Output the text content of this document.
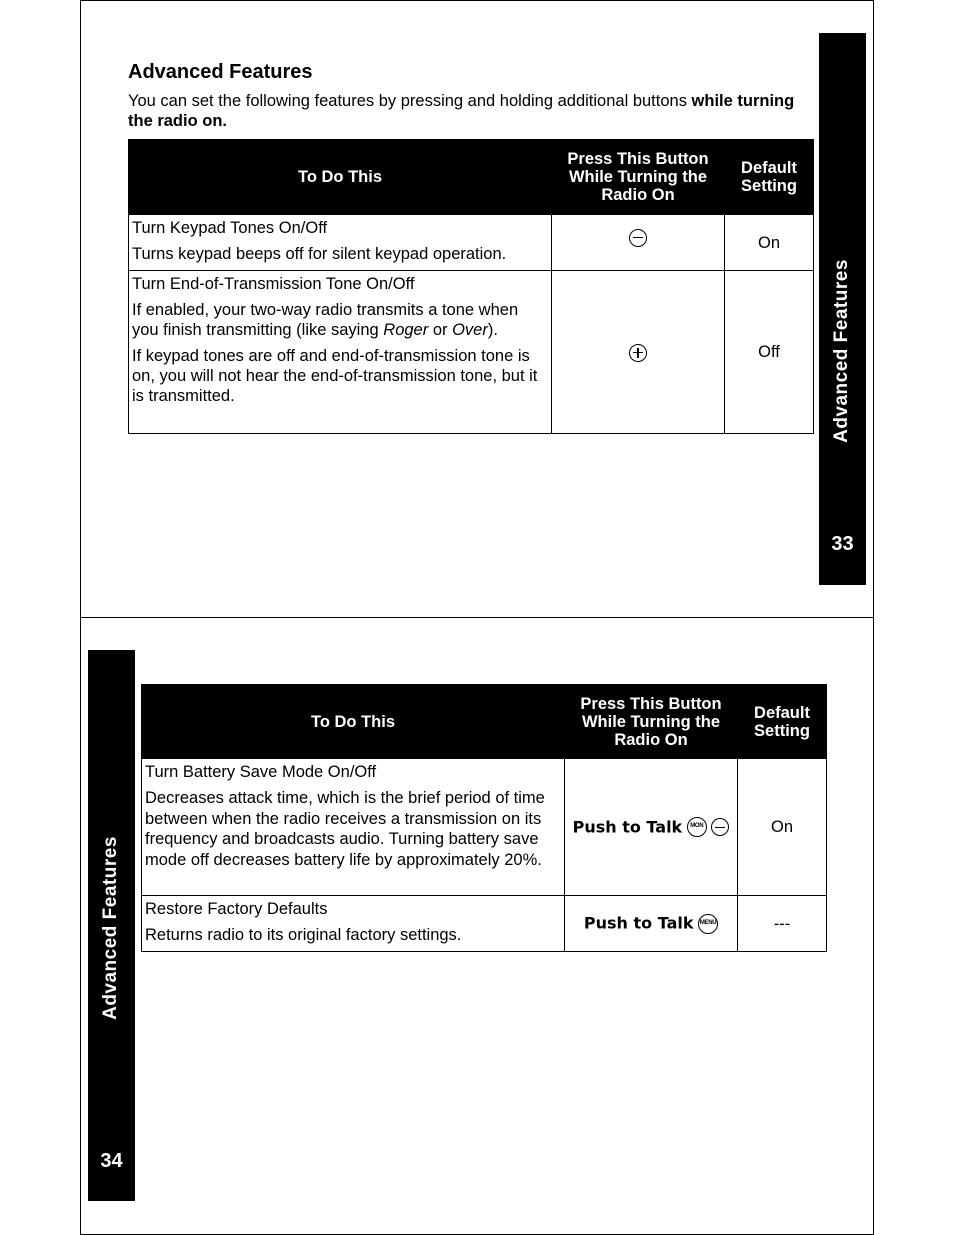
Advanced Features
33
Advanced Features

You can set the following features by pressing and holding additional buttons while turning the radio on.

To Do This	Press This Button While Turning the Radio On	Default Setting

Turn Keypad Tones On/Off

Turns keypad beeps off for silent keypad operation.		On

Turn End-of-Transmission Tone On/Off

If enabled, your two-way radio transmits a tone when you finish transmitting (like saying Roger or Over).

If keypad tones are off and end-of-transmission tone is on, you will not hear the end-of-transmission tone, but it is transmitted.		Off
Advanced Features
34
To Do This	Press This Button While Turning the Radio On	Default Setting

Turn Battery Save Mode On/Off

Decreases attack time, which is the brief period of time between when the radio receives a transmission on its frequency and broadcasts audio. Turning battery save mode off decreases battery life by approximately 20%.	Push to Talk MON	On

Restore Factory Defaults

Returns radio to its original factory settings.	Push to Talk MENU	---
